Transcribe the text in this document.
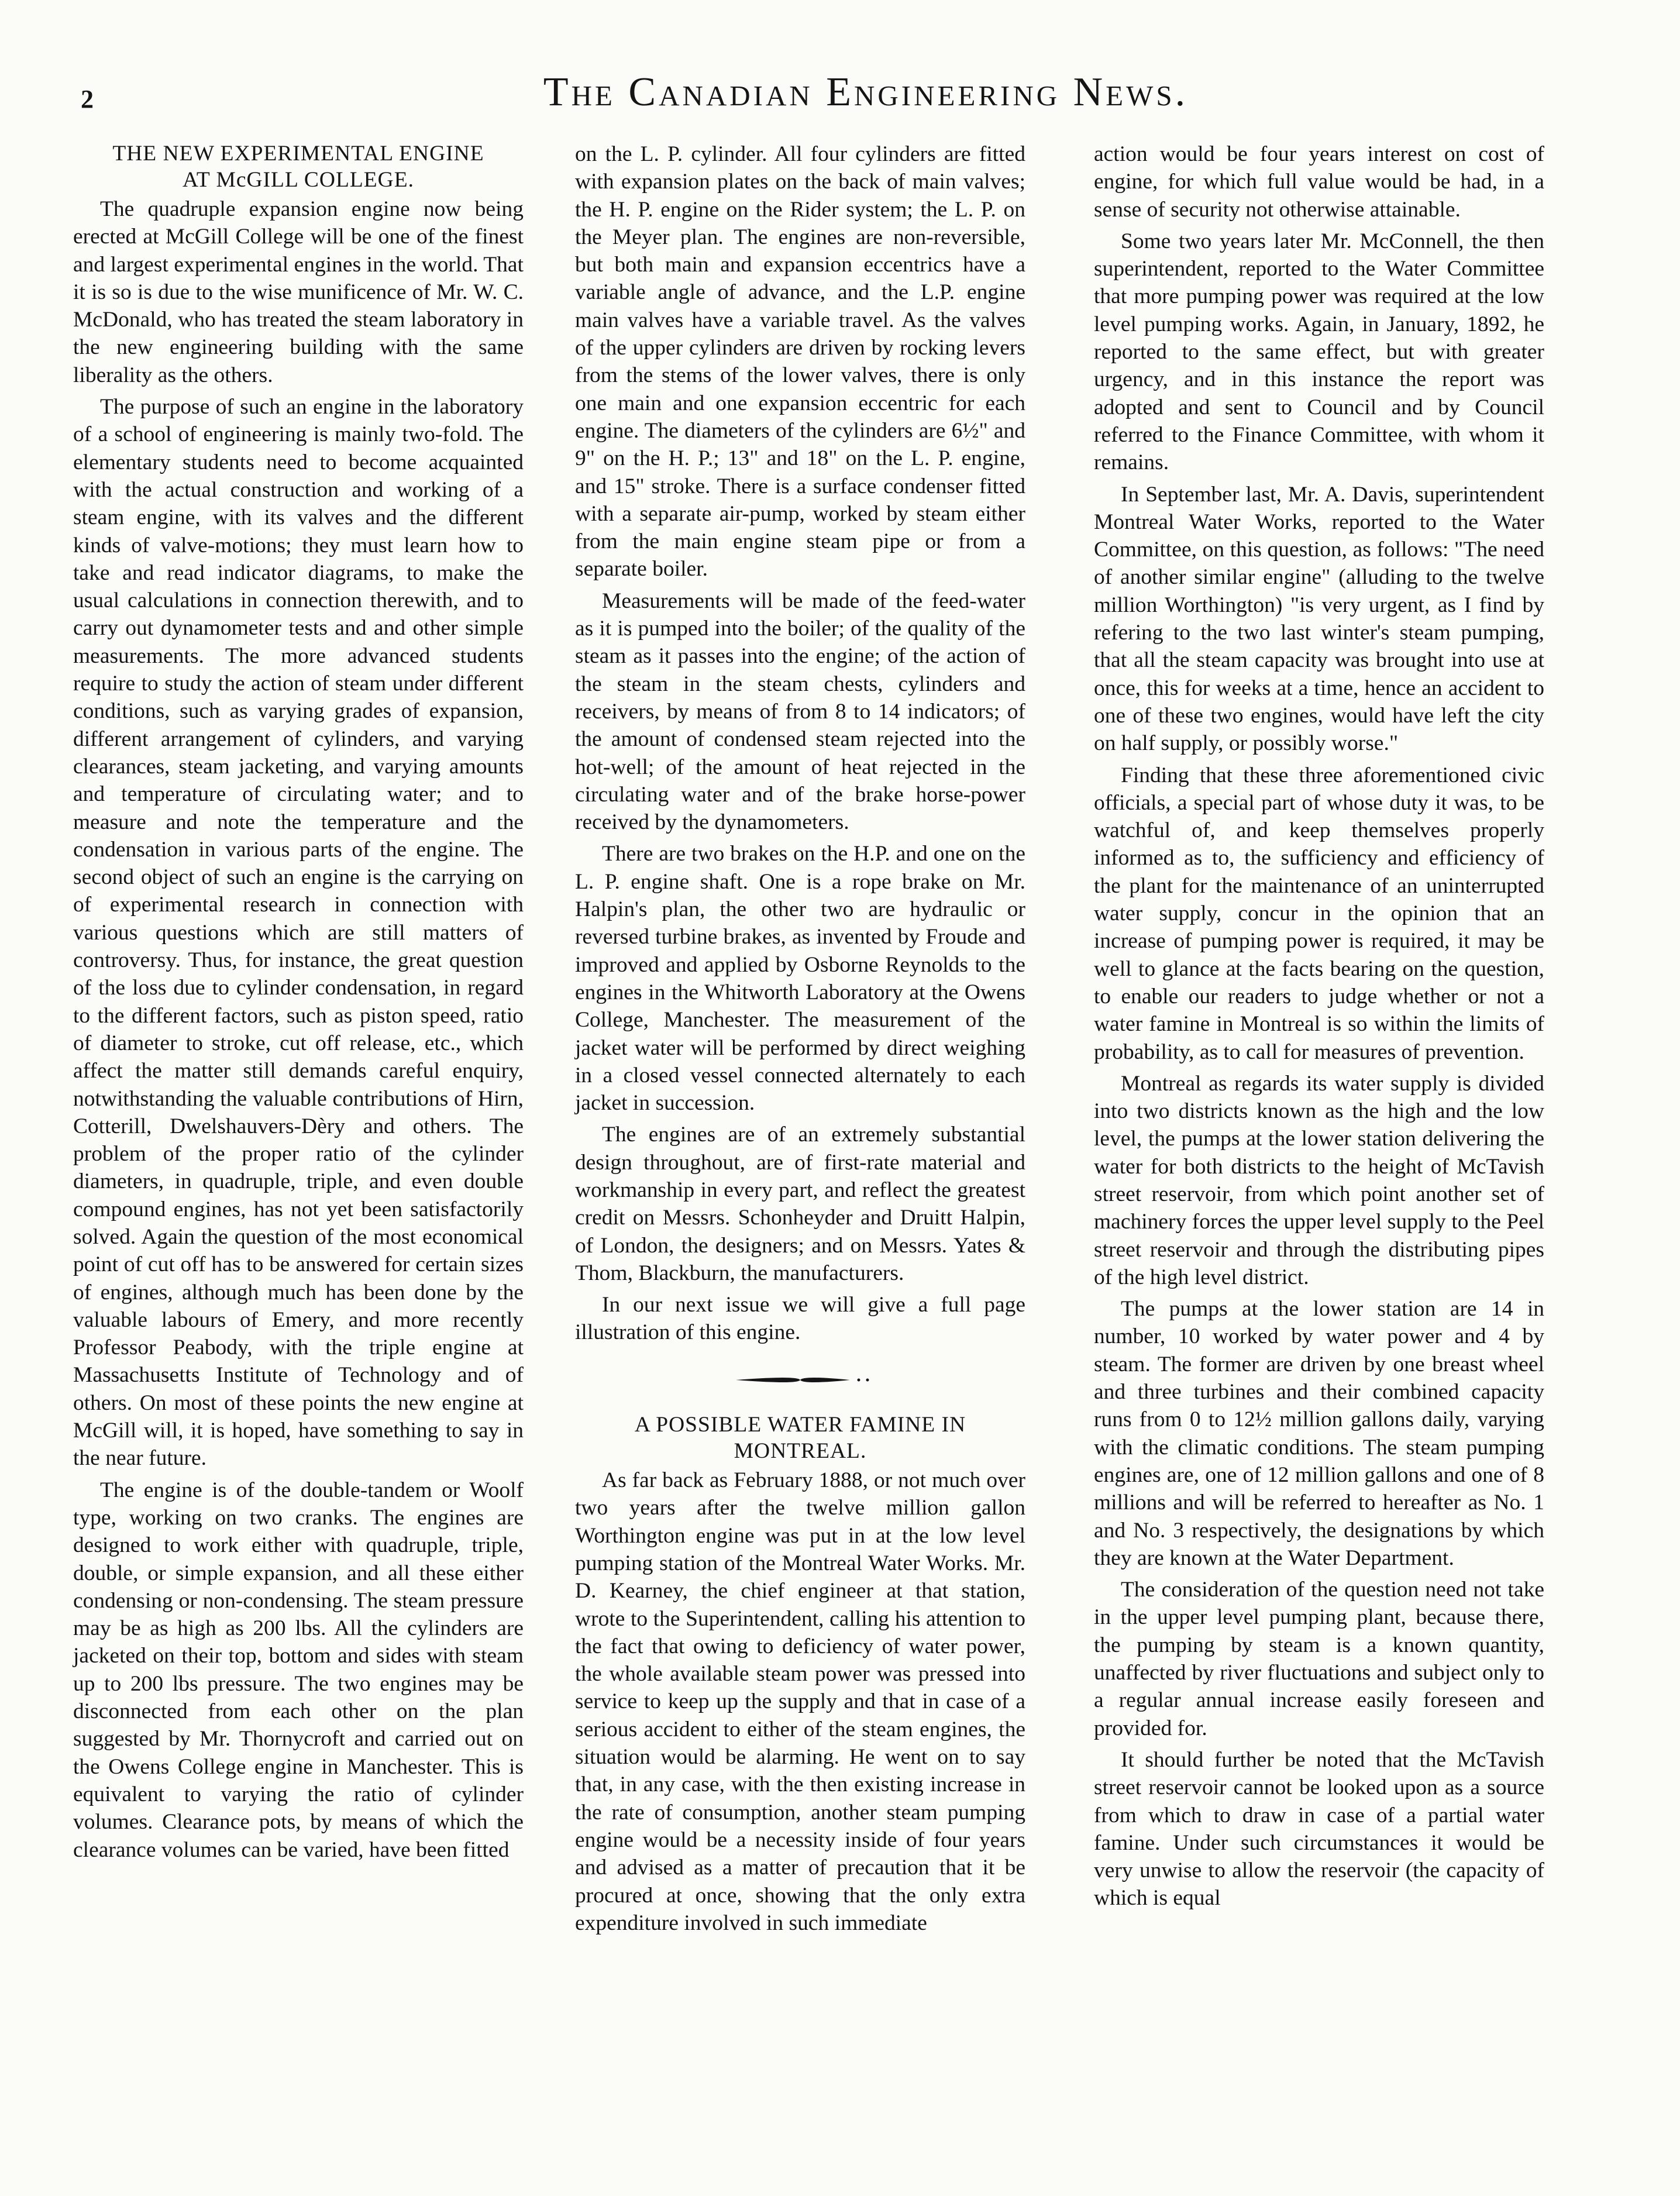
2	The Canadian Engineering News.
THE NEW EXPERIMENTAL ENGINE
AT McGILL COLLEGE.

The quadruple expansion engine now being erected at McGill College will be one of the finest and largest experimental engines in the world. That it is so is due to the wise munificence of Mr. W. C. McDonald, who has treated the steam laboratory in the new engineering building with the same liberality as the others.

The purpose of such an engine in the laboratory of a school of engineering is mainly two-fold. The elementary students need to become acquainted with the actual construction and working of a steam engine, with its valves and the different kinds of valve-motions; they must learn how to take and read indicator diagrams, to make the usual calculations in connection therewith, and to carry out dynamometer tests and and other simple measurements. The more advanced students require to study the action of steam under different conditions, such as varying grades of expansion, different arrangement of cylinders, and varying clearances, steam jacketing, and varying amounts and temperature of circulating water; and to measure and note the temperature and the condensation in various parts of the engine. The second object of such an engine is the carrying on of experimental research in connection with various questions which are still matters of controversy. Thus, for instance, the great question of the loss due to cylinder condensation, in regard to the different factors, such as piston speed, ratio of diameter to stroke, cut off release, etc., which affect the matter still demands careful enquiry, notwithstanding the valuable contributions of Hirn, Cotterill, Dwelshauvers-Dèry and others. The problem of the proper ratio of the cylinder diameters, in quadruple, triple, and even double compound engines, has not yet been satisfactorily solved. Again the question of the most economical point of cut off has to be answered for certain sizes of engines, although much has been done by the valuable labours of Emery, and more recently Professor Peabody, with the triple engine at Massachusetts Institute of Technology and of others. On most of these points the new engine at McGill will, it is hoped, have something to say in the near future.

The engine is of the double-tandem or Woolf type, working on two cranks. The engines are designed to work either with quadruple, triple, double, or simple expansion, and all these either condensing or non-condensing. The steam pressure may be as high as 200 lbs. All the cylinders are jacketed on their top, bottom and sides with steam up to 200 lbs pressure. The two engines may be disconnected from each other on the plan suggested by Mr. Thornycroft and carried out on the Owens College engine in Manchester. This is equivalent to varying the ratio of cylinder volumes. Clearance pots, by means of which the clearance volumes can be varied, have been fitted

on the L. P. cylinder. All four cylinders are fitted with expansion plates on the back of main valves; the H. P. engine on the Rider system; the L. P. on the Meyer plan. The engines are non-reversible, but both main and expansion eccentrics have a variable angle of advance, and the L.P. engine main valves have a variable travel. As the valves of the upper cylinders are driven by rocking levers from the stems of the lower valves, there is only one main and one expansion eccentric for each engine. The diameters of the cylinders are 6½" and 9" on the H. P.; 13" and 18" on the L. P. engine, and 15" stroke. There is a surface condenser fitted with a separate air-pump, worked by steam either from the main engine steam pipe or from a separate boiler.

Measurements will be made of the feed-water as it is pumped into the boiler; of the quality of the steam as it passes into the engine; of the action of the steam in the steam chests, cylinders and receivers, by means of from 8 to 14 indicators; of the amount of condensed steam rejected into the hot-well; of the amount of heat rejected in the circulating water and of the brake horse-power received by the dynamometers.

There are two brakes on the H.P. and one on the L. P. engine shaft. One is a rope brake on Mr. Halpin's plan, the other two are hydraulic or reversed turbine brakes, as invented by Froude and improved and applied by Osborne Reynolds to the engines in the Whitworth Laboratory at the Owens College, Manchester. The measurement of the jacket water will be performed by direct weighing in a closed vessel connected alternately to each jacket in succession.

The engines are of an extremely substantial design throughout, are of first-rate material and workmanship in every part, and reflect the greatest credit on Messrs. Schonheyder and Druitt Halpin, of London, the designers; and on Messrs. Yates & Thom, Blackburn, the manufacturers.

In our next issue we will give a full page illustration of this engine.

A POSSIBLE WATER FAMINE IN
MONTREAL.

As far back as February 1888, or not much over two years after the twelve million gallon Worthington engine was put in at the low level pumping station of the Montreal Water Works. Mr. D. Kearney, the chief engineer at that station, wrote to the Superintendent, calling his attention to the fact that owing to deficiency of water power, the whole available steam power was pressed into service to keep up the supply and that in case of a serious accident to either of the steam engines, the situation would be alarming. He went on to say that, in any case, with the then existing increase in the rate of consumption, another steam pumping engine would be a necessity inside of four years and advised as a matter of precaution that it be procured at once, showing that the only extra expenditure involved in such immediate

action would be four years interest on cost of engine, for which full value would be had, in a sense of security not otherwise attainable.

Some two years later Mr. McConnell, the then superintendent, reported to the Water Committee that more pumping power was required at the low level pumping works. Again, in January, 1892, he reported to the same effect, but with greater urgency, and in this instance the report was adopted and sent to Council and by Council referred to the Finance Committee, with whom it remains.

In September last, Mr. A. Davis, superintendent Montreal Water Works, reported to the Water Committee, on this question, as follows: "The need of another similar engine" (alluding to the twelve million Worthington) "is very urgent, as I find by refering to the two last winter's steam pumping, that all the steam capacity was brought into use at once, this for weeks at a time, hence an accident to one of these two engines, would have left the city on half supply, or possibly worse."

Finding that these three aforementioned civic officials, a special part of whose duty it was, to be watchful of, and keep themselves properly informed as to, the sufficiency and efficiency of the plant for the maintenance of an uninterrupted water supply, concur in the opinion that an increase of pumping power is required, it may be well to glance at the facts bearing on the question, to enable our readers to judge whether or not a water famine in Montreal is so within the limits of probability, as to call for measures of prevention.

Montreal as regards its water supply is divided into two districts known as the high and the low level, the pumps at the lower station delivering the water for both districts to the height of McTavish street reservoir, from which point another set of machinery forces the upper level supply to the Peel street reservoir and through the distributing pipes of the high level district.

The pumps at the lower station are 14 in number, 10 worked by water power and 4 by steam. The former are driven by one breast wheel and three turbines and their combined capacity runs from 0 to 12½ million gallons daily, varying with the climatic conditions. The steam pumping engines are, one of 12 million gallons and one of 8 millions and will be referred to hereafter as No. 1 and No. 3 respectively, the designations by which they are known at the Water Department.

The consideration of the question need not take in the upper level pumping plant, because there, the pumping by steam is a known quantity, unaffected by river fluctuations and subject only to a regular annual increase easily foreseen and provided for.

It should further be noted that the McTavish street reservoir cannot be looked upon as a source from which to draw in case of a partial water famine. Under such circumstances it would be very unwise to allow the reservoir (the capacity of which is equal
